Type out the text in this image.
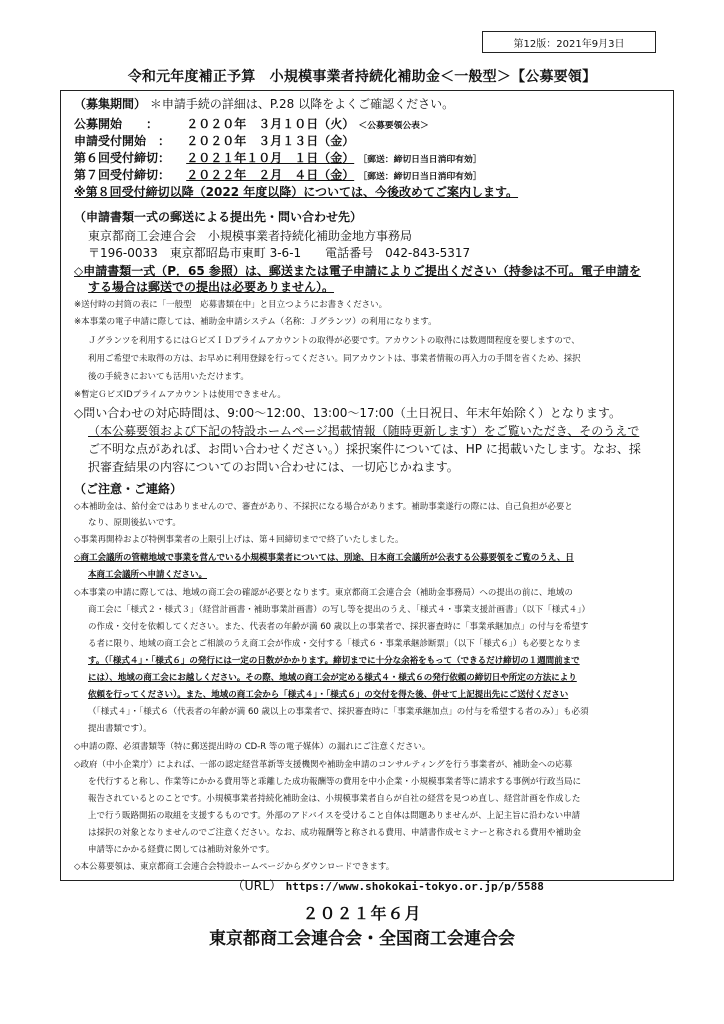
第12版：2021年9月3日
令和元年度補正予算　小規模事業者持続化補助金＜一般型＞【公募要領】
（募集期間） ＊申請手続の詳細は、P.28 以降をよくご確認ください。
公募開始　　： ２０２０年　３月１０日（火） ＜公募要領公表＞
申請受付開始　： ２０２０年　３月１３日（金）
第６回受付締切： ２０２１年１０月　１日（金） ［郵送：締切日当日消印有効］
第７回受付締切： ２０２２年　２月　４日（金） ［郵送：締切日当日消印有効］
※第８回受付締切以降（2022 年度以降）については、今後改めてご案内します。
（申請書類一式の郵送による提出先・問い合わせ先）
東京都商工会連合会　小規模事業者持続化補助金地方事務局
〒196-0033　東京都昭島市東町 3-6-1　　電話番号　042-843-5317
◇申請書類一式（P．65 参照）は、郵送または電子申請によりご提出ください（持参は不可。電子申請を
する場合は郵送での提出は必要ありません）。
※送付時の封筒の表に「一般型　応募書類在中」と目立つようにお書きください。
※本事業の電子申請に際しては、補助金申請システム（名称：Ｊグランツ）の利用になります。
Ｊグランツを利用するにはＧビズＩＤプライムアカウントの取得が必要です。アカウントの取得には数週間程度を要しますので、
利用ご希望で未取得の方は、お早めに利用登録を行ってください。同アカウントは、事業者情報の再入力の手間を省くため、採択
後の手続きにおいても活用いただけます。
※暫定ＧビズIDプライムアカウントは使用できません。
◇問い合わせの対応時間は、9:00～12:00、13:00～17:00（土日祝日、年末年始除く）となります。
（本公募要領および下記の特設ホームページ掲載情報（随時更新します）をご覧いただき、そのうえで
ご不明な点があれば、お問い合わせください。）採択案件については、HP に掲載いたします。なお、採
択審査結果の内容についてのお問い合わせには、一切応じかねます。
（ご注意・ご連絡）
◇本補助金は、給付金ではありませんので、審査があり、不採択になる場合があります。補助事業遂行の際には、自己負担が必要と
なり、原則後払いです。
◇事業再開枠および特例事業者の上限引上げは、第４回締切までで終了いたしました。
◇商工会議所の管轄地域で事業を営んでいる小規模事業者については、別途、日本商工会議所が公表する公募要領をご覧のうえ、日
本商工会議所へ申請ください。
◇本事業の申請に際しては、地域の商工会の確認が必要となります。東京都商工会連合会（補助金事務局）への提出の前に、地域の
商工会に「様式２・様式３」（経営計画書・補助事業計画書）の写し等を提出のうえ、「様式４・事業支援計画書」（以下「様式４」）
の作成・交付を依頼してください。また、代表者の年齢が満 60 歳以上の事業者で、採択審査時に「事業承継加点」の付与を希望す
る者に限り、地域の商工会とご相談のうえ商工会が作成・交付する「様式６・事業承継診断票」（以下「様式６」）も必要となりま
す。（「様式４」・「様式６」の発行には一定の日数がかかります。締切までに十分な余裕をもって（できるだけ締切の１週間前まで
には）、地域の商工会にお越しください。その際、地域の商工会が定める様式４・様式６の発行依頼の締切日や所定の方法により
依頼を行ってください）。また、地域の商工会から「様式４」・「様式６」の交付を得た後、併せて上記提出先にご送付ください
（「様式４」・「様式６（代表者の年齢が満 60 歳以上の事業者で、採択審査時に「事業承継加点」の付与を希望する者のみ）」も必須
提出書類です）。
◇申請の際、必須書類等（特に郵送提出時の CD-R 等の電子媒体）の漏れにご注意ください。
◇政府（中小企業庁）によれば、一部の認定経営革新等支援機関や補助金申請のコンサルティングを行う事業者が、補助金への応募
を代行すると称し、作業等にかかる費用等と乖離した成功報酬等の費用を中小企業・小規模事業者等に請求する事例が行政当局に
報告されているとのことです。小規模事業者持続化補助金は、小規模事業者自らが自社の経営を見つめ直し、経営計画を作成した
上で行う販路開拓の取組を支援するものです。外部のアドバイスを受けること自体は問題ありませんが、上記主旨に沿わない申請
は採択の対象となりませんのでご注意ください。なお、成功報酬等と称される費用、申請書作成セミナーと称される費用や補助金
申請等にかかる経費に関しては補助対象外です。
◇本公募要領は、東京都商工会連合会特設ホームページからダウンロードできます。
（URL） https://www.shokokai-tokyo.or.jp/p/5588
２０２１年６月
東京都商工会連合会・全国商工会連合会
